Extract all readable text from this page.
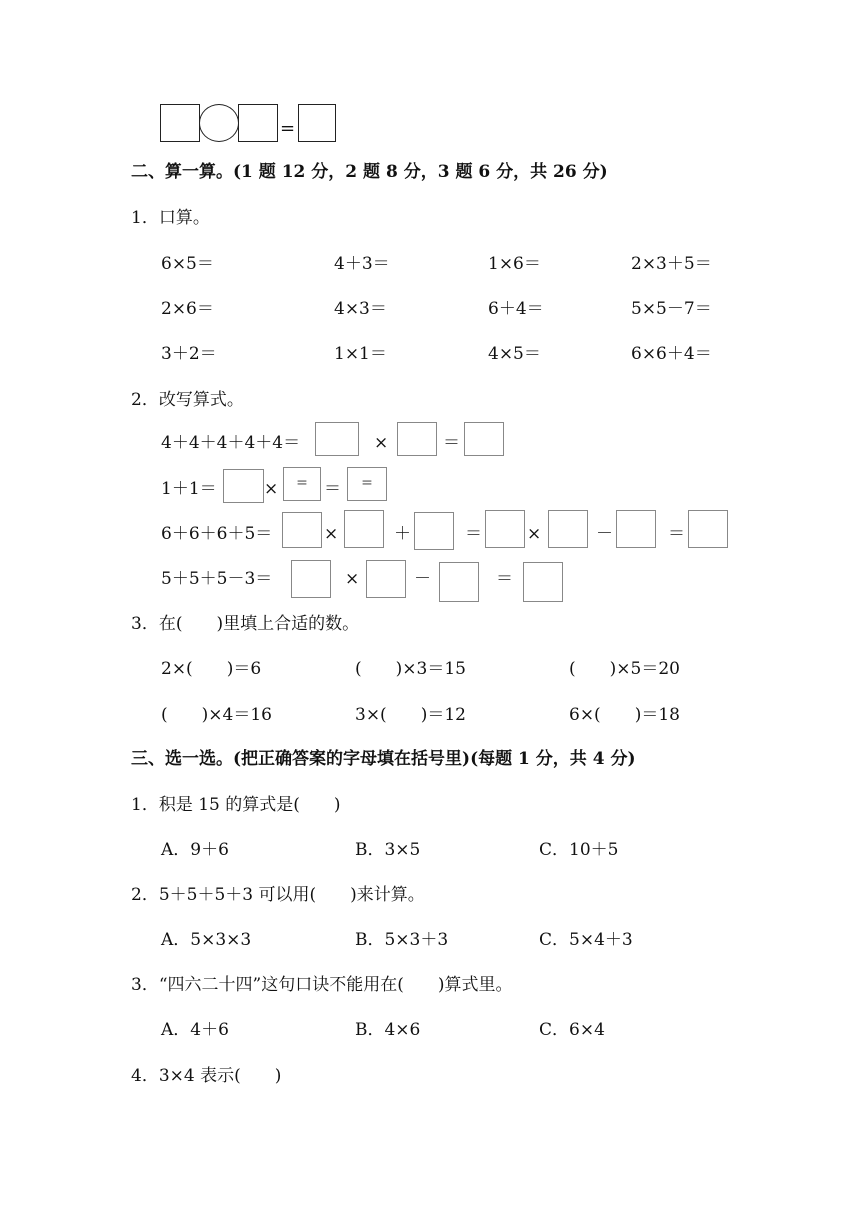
=
二、算一算。(1 题 12 分，2 题 8 分，3 题 6 分，共 26 分)
1．口算。
6×5＝	4＋3＝	1×6＝	2×3＋5＝
2×6＝	4×3＝	6＋4＝	5×5－7＝
3＋2＝	1×1＝	4×5＝	6×6＋4＝
2．改写算式。
4＋4＋4＋4＋4＝	×	＝
1＋1＝	×	= ＝	=
6＋6＋6＋5＝	×	＋	＝	×	－	＝
5＋5＋5－3＝	×	－	＝
3．在(　　)里填上合适的数。
2×(　　)＝6	(　　)×3＝15	(　　)×5＝20
(　　)×4＝16	3×(　　)＝12	6×(　　)＝18
三、选一选。(把正确答案的字母填在括号里)(每题 1 分，共 4 分)
1．积是 15 的算式是(　　)
A．9＋6	B．3×5	C．10＋5
2．5＋5＋5＋3 可以用(　　)来计算。
A．5×3×3	B．5×3＋3	C．5×4＋3
3．“四六二十四”这句口诀不能用在(　　)算式里。
A．4＋6	B．4×6	C．6×4
4．3×4 表示(　　)
